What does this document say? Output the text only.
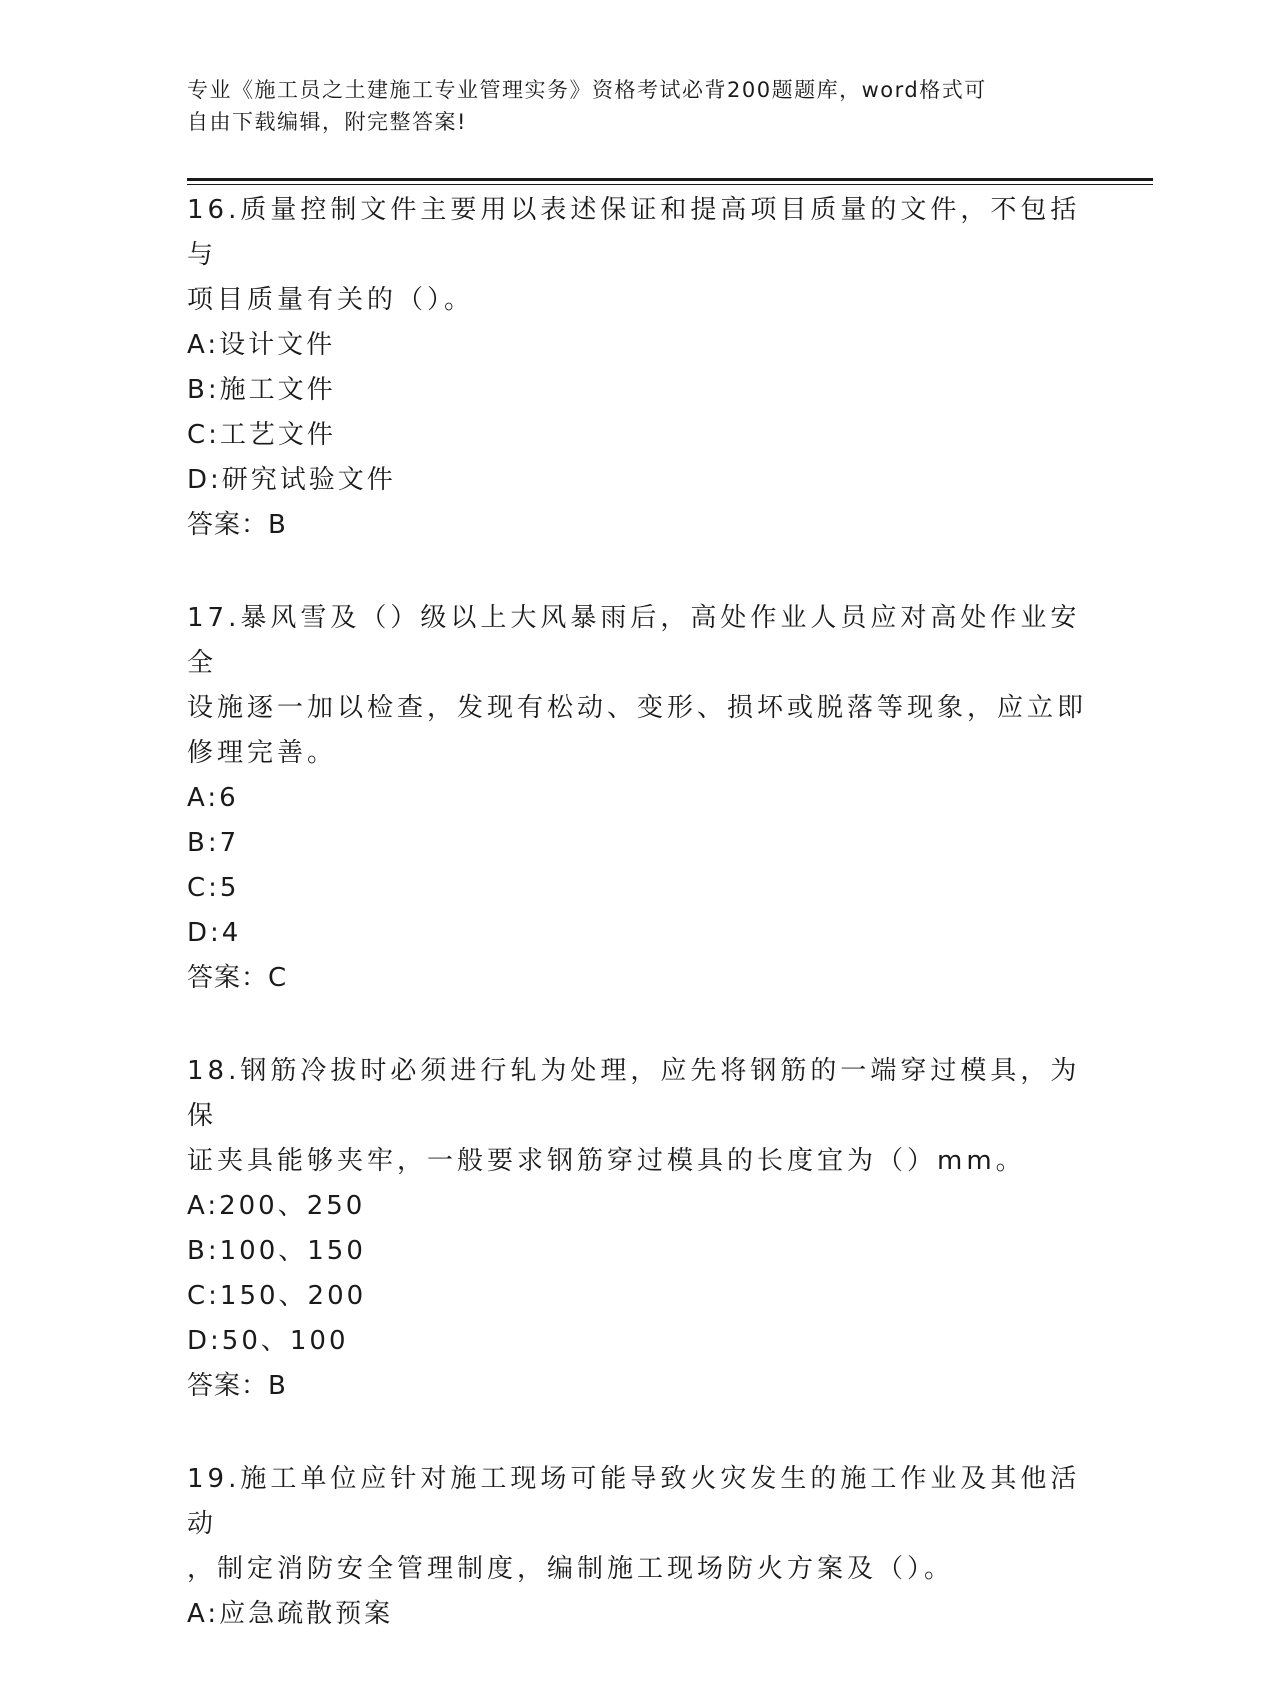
专业《施工员之土建施工专业管理实务》资格考试必背200题题库，word格式可
自由下载编辑，附完整答案!
16.质量控制文件主要用以表述保证和提高项目质量的文件，不包括与
项目质量有关的（）。
A: 设计文件
B: 施工文件
C: 工艺文件
D: 研究试验文件
答案：B
17.暴风雪及（）级以上大风暴雨后，高处作业人员应对高处作业安全
设施逐一加以检查，发现有松动、变形、损坏或脱落等现象，应立即
修理完善。
A: 6
B: 7
C: 5
D: 4
答案：C
18.钢筋冷拔时必须进行轧为处理，应先将钢筋的一端穿过模具，为保
证夹具能够夹牢，一般要求钢筋穿过模具的长度宜为（）mm。
A: 200、250
B: 100、150
C: 150、200
D: 50、100
答案：B
19.施工单位应针对施工现场可能导致火灾发生的施工作业及其他活动
，制定消防安全管理制度，编制施工现场防火方案及（）。
A: 应急疏散预案
